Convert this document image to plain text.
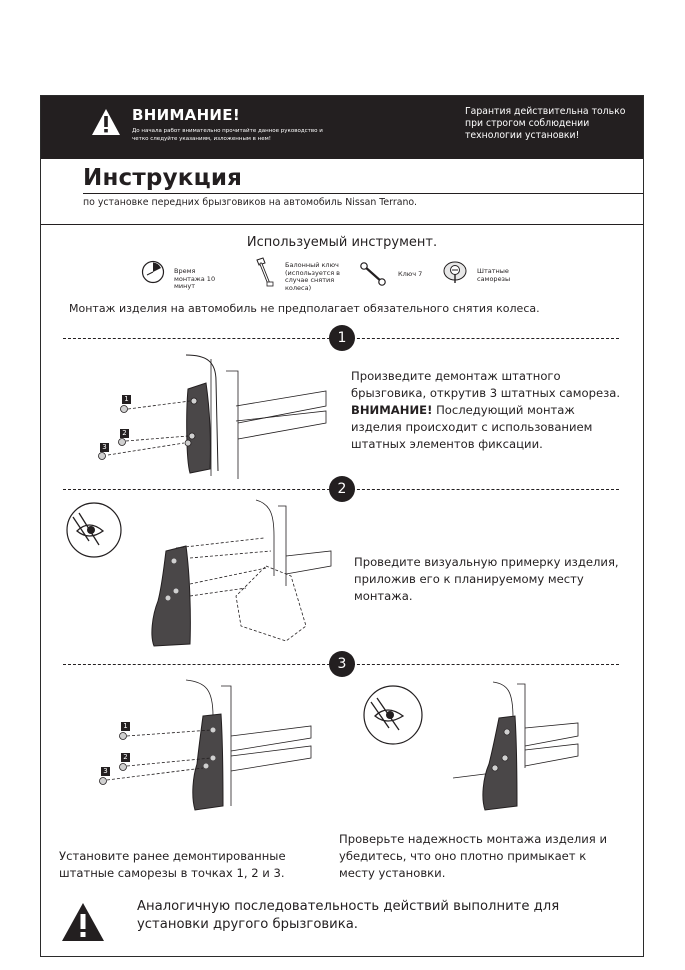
ВНИМАНИЕ!
До начала работ внимательно прочитайте данное руководство и четко следуйте указаниям, изложенным в нем!
Гарантия действительна только при строгом соблюдении технологии установки!
Инструкция
по установке передних брызговиков на автомобиль Nissan Terrano.
Используемый инструмент.
Время монтажа 10 минут
Балонный ключ (используется в случае снятия колеса)
Ключ 7	Штатные саморезы
Монтаж изделия на автомобиль не предполагает обязательного снятия колеса.
1
1
2
3
Произведите демонтаж штатного брызговика, открутив 3 штатных самореза. ВНИМАНИЕ! Последующий монтаж изделия происходит с использованием штатных элементов фиксации.
2
Проведите визуальную примерку изделия, приложив его к планируемому месту монтажа.
3
1
2
3
Установите ранее демонтированные штатные саморезы в точках 1, 2 и 3.
Проверьте надежность монтажа изделия и убедитесь, что оно плотно примыкает к месту установки.
Аналогичную последовательность действий выполните для установки другого брызговика.
